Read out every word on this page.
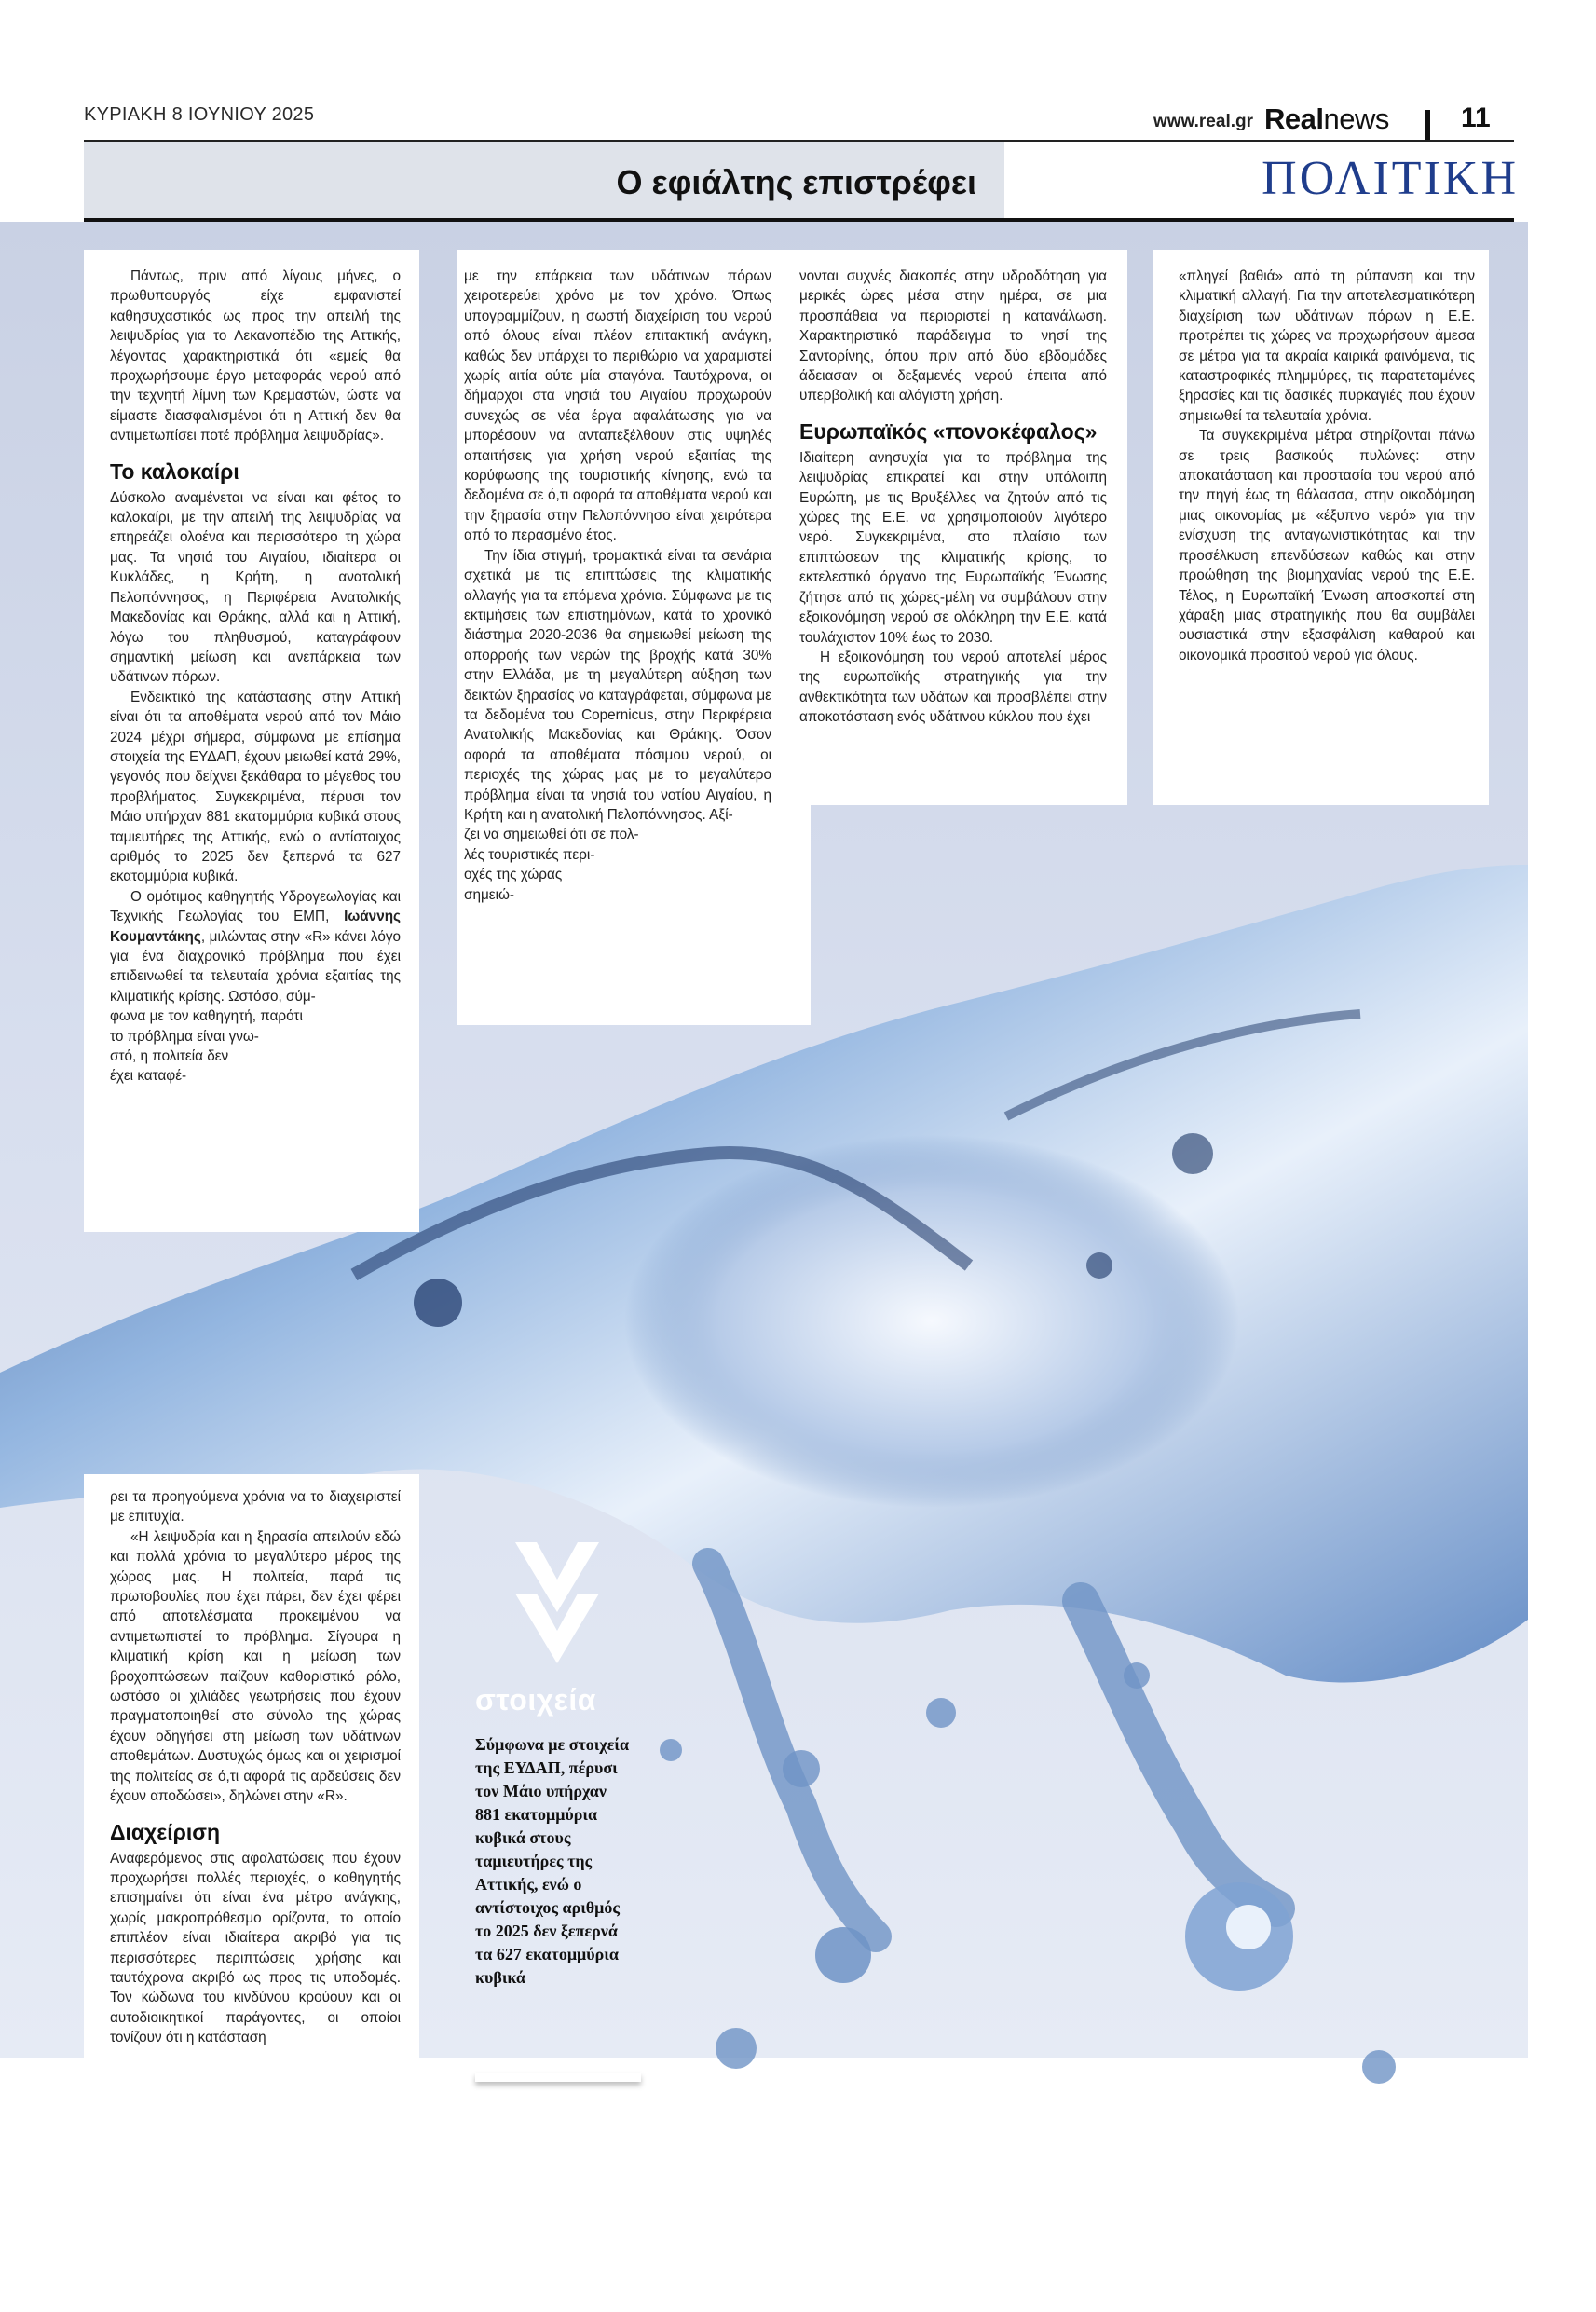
ΚΥΡΙΑΚΗ 8 ΙΟΥΝΙΟΥ 2025	www.real.gr Realnews	11
Ο εφιάλτης επιστρέφει	ΠΟΛΙΤΙΚΗ

Πάντως, πριν από λίγους μήνες, ο πρωθυπουργός είχε εμφανιστεί καθησυχαστικός ως προς την απειλή της λειψυδρίας για το Λεκανοπέδιο της Αττικής, λέγοντας χαρακτηριστικά ότι «εμείς θα προχωρήσουμε έργο μεταφοράς νερού από την τεχνητή λίμνη των Κρεμαστών, ώστε να είμαστε διασφαλισμένοι ότι η Αττική δεν θα αντιμετωπίσει ποτέ πρόβλημα λειψυδρίας».

Το καλοκαίρι

Δύσκολο αναμένεται να είναι και φέτος το καλοκαίρι, με την απειλή της λειψυδρίας να επηρεάζει ολοένα και περισσότερο τη χώρα μας. Τα νησιά του Αιγαίου, ιδιαίτερα οι Κυκλάδες, η Κρήτη, η ανατολική Πελοπόννησος, η Περιφέρεια Ανατολικής Μακεδονίας και Θράκης, αλλά και η Αττική, λόγω του πληθυσμού, καταγράφουν σημαντική μείωση και ανεπάρκεια των υδάτινων πόρων.

Ενδεικτικό της κατάστασης στην Αττική είναι ότι τα αποθέματα νερού από τον Μάιο 2024 μέχρι σήμερα, σύμφωνα με επίσημα στοιχεία της ΕΥΔΑΠ, έχουν μειωθεί κατά 29%, γεγονός που δείχνει ξεκάθαρα το μέγεθος του προβλήματος. Συγκεκριμένα, πέρυσι τον Μάιο υπήρχαν 881 εκατομμύρια κυβικά στους ταμιευτήρες της Αττικής, ενώ ο αντίστοιχος αριθμός το 2025 δεν ξεπερνά τα 627 εκατομμύρια κυβικά.

Ο ομότιμος καθηγητής Υδρογεωλογίας και Τεχνικής Γεωλογίας του ΕΜΠ, Ιωάννης Κουμαντάκης, μιλώντας στην «R» κάνει λόγο για ένα διαχρονικό πρόβλημα που έχει επιδεινωθεί τα τελευταία χρόνια εξαιτίας της κλιματικής κρίσης. Ωστόσο, σύμ-

φωνα με τον καθηγητή, παρότι
το πρόβλημα είναι γνω-
στό, η πολιτεία δεν
έχει καταφέ-

ρει τα προηγούμενα χρόνια να το διαχειριστεί με επιτυχία.

«Η λειψυδρία και η ξηρασία απειλούν εδώ και πολλά χρόνια το μεγαλύτερο μέρος της χώρας μας. Η πολιτεία, παρά τις πρωτοβουλίες που έχει πάρει, δεν έχει φέρει από αποτελέσματα προκειμένου να αντιμετωπιστεί το πρόβλημα. Σίγουρα η κλιματική κρίση και η μείωση των βροχοπτώσεων παίζουν καθοριστικό ρόλο, ωστόσο οι χιλιάδες γεωτρήσεις που έχουν πραγματοποιηθεί στο σύνολο της χώρας έχουν οδηγήσει στη μείωση των υδάτινων αποθεμάτων. Δυστυχώς όμως και οι χειρισμοί της πολιτείας σε ό,τι αφορά τις αρδεύσεις δεν έχουν αποδώσει», δηλώνει στην «R».

Διαχείριση

Αναφερόμενος στις αφαλατώσεις που έχουν προχωρήσει πολλές περιοχές, ο καθηγητής επισημαίνει ότι είναι ένα μέτρο ανάγκης, χωρίς μακροπρόθεσμο ορίζοντα, το οποίο επιπλέον είναι ιδιαίτερα ακριβό για τις περισσότερες περιπτώσεις χρήσης και ταυτόχρονα ακριβό ως προς τις υποδομές. Τον κώδωνα του κινδύνου κρούουν και οι αυτοδιοικητικοί παράγοντες, οι οποίοι τονίζουν ότι η κατάσταση

με την επάρκεια των υδάτινων πόρων χειροτερεύει χρόνο με τον χρόνο. Όπως υπογραμμίζουν, η σωστή διαχείριση του νερού από όλους είναι πλέον επιτακτική ανάγκη, καθώς δεν υπάρχει το περιθώριο να χαραμιστεί χωρίς αιτία ούτε μία σταγόνα. Ταυτόχρονα, οι δήμαρχοι στα νησιά του Αιγαίου προχωρούν συνεχώς σε νέα έργα αφαλάτωσης για να μπορέσουν να ανταπεξέλθουν στις υψηλές απαιτήσεις για χρήση νερού εξαιτίας της κορύφωσης της τουριστικής κίνησης, ενώ τα δεδομένα σε ό,τι αφορά τα αποθέματα νερού και την ξηρασία στην Πελοπόννησο είναι χειρότερα από το περασμένο έτος.

Την ίδια στιγμή, τρομακτικά είναι τα σενάρια σχετικά με τις επιπτώσεις της κλιματικής αλλαγής για τα επόμενα χρόνια. Σύμφωνα με τις εκτιμήσεις των επιστημόνων, κατά το χρονικό διάστημα 2020-2036 θα σημειωθεί μείωση της απορροής των νερών της βροχής κατά 30% στην Ελλάδα, με τη μεγαλύτερη αύξηση των δεικτών ξηρασίας να καταγράφεται, σύμφωνα με τα δεδομένα του Copernicus, στην Περιφέρεια Ανατολικής Μακεδονίας και Θράκης. Όσον αφορά τα αποθέματα πόσιμου νερού, οι περιοχές της χώρας μας με το μεγαλύτερο πρόβλημα είναι τα νησιά του νοτίου Αιγαίου, η Κρήτη και η ανατολική Πελοπόννησος. Αξί-

ζει να σημειωθεί ότι σε πολ-
λές τουριστικές περι-
οχές της χώρας
σημειώ-

νονται συχνές διακοπές στην υδροδότηση για μερικές ώρες μέσα στην ημέρα, σε μια προσπάθεια να περιοριστεί η κατανάλωση. Χαρακτηριστικό παράδειγμα το νησί της Σαντορίνης, όπου πριν από δύο εβδομάδες άδειασαν οι δεξαμενές νερού έπειτα από υπερβολική και αλόγιστη χρήση.

Ευρωπαϊκός «πονοκέφαλος»

Ιδιαίτερη ανησυχία για το πρόβλημα της λειψυδρίας επικρατεί και στην υπόλοιπη Ευρώπη, με τις Βρυξέλλες να ζητούν από τις χώρες της Ε.Ε. να χρησιμοποιούν λιγότερο νερό. Συγκεκριμένα, στο πλαίσιο των επιπτώσεων της κλιματικής κρίσης, το εκτελεστικό όργανο της Ευρωπαϊκής Ένωσης ζήτησε από τις χώρες-μέλη να συμβάλουν στην εξοικονόμηση νερού σε ολόκληρη την Ε.Ε. κατά τουλάχιστον 10% έως το 2030.

Η εξοικονόμηση του νερού αποτελεί μέρος της ευρωπαϊκής στρατηγικής για την ανθεκτικότητα των υδάτων και προσβλέπει στην αποκατάσταση ενός υδάτινου κύκλου που έχει

«πληγεί βαθιά» από τη ρύπανση και την κλιματική αλλαγή. Για την αποτελεσματικότερη διαχείριση των υδάτινων πόρων η Ε.Ε. προτρέπει τις χώρες να προχωρήσουν άμεσα σε μέτρα για τα ακραία καιρικά φαινόμενα, τις καταστροφικές πλημμύρες, τις παρατεταμένες ξηρασίες και τις δασικές πυρκαγιές που έχουν σημειωθεί τα τελευταία χρόνια.

Τα συγκεκριμένα μέτρα στηρίζονται πάνω σε τρεις βασικούς πυλώνες: στην αποκατάσταση και προστασία του νερού από την πηγή έως τη θάλασσα, στην οικοδόμηση μιας οικονομίας με «έξυπνο νερό» για την ενίσχυση της ανταγωνιστικότητας και την προσέλκυση επενδύσεων καθώς και στην προώθηση της βιομηχανίας νερού της Ε.Ε. Τέλος, η Ευρωπαϊκή Ένωση αποσκοπεί στη χάραξη μιας στρατηγικής που θα συμβάλει ουσιαστικά στην εξασφάλιση καθαρού και οικονομικά προσιτού νερού για όλους.

στοιχεία
Σύμφωνα με στοιχεία της ΕΥΔΑΠ, πέρυσι τον Μάιο υπήρχαν 881 εκατομμύρια κυβικά στους ταμιευτήρες της Αττικής, ενώ ο αντίστοιχος αριθμός το 2025 δεν ξεπερνά τα 627 εκατομμύρια κυβικά
